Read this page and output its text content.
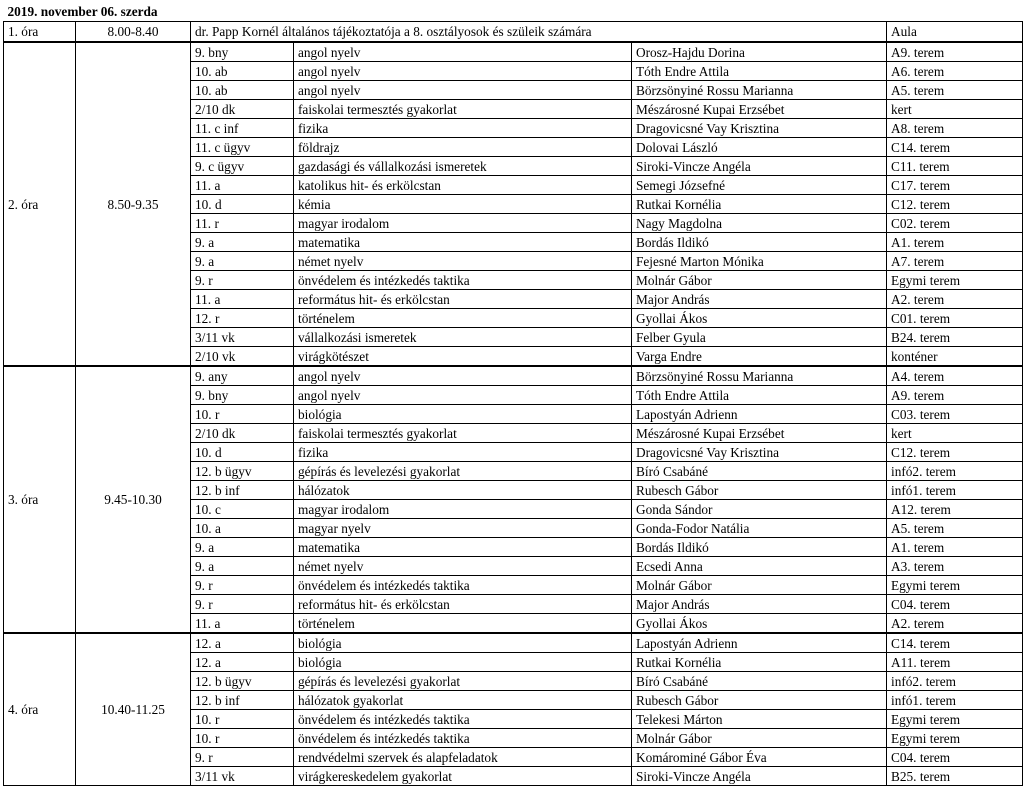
2019. november 06. szerda					
1. óra	8.00-8.40	dr. Papp Kornél általános tájékoztatója a 8. osztályosok és szüleik számára			Aula
2. óra	8.50-9.35	9. bny	angol nyelv	Orosz-Hajdu Dorina	A9. terem
		10. ab	angol nyelv	Tóth Endre Attila	A6. terem
		10. ab	angol nyelv	Börzsönyiné Rossu Marianna	A5. terem
		2/10 dk	faiskolai termesztés gyakorlat	Mészárosné Kupai Erzsébet	kert
		11. c inf	fizika	Dragovicsné Vay Krisztina	A8. terem
		11. c ügyv	földrajz	Dolovai László	C14. terem
		9. c ügyv	gazdasági és vállalkozási ismeretek	Siroki-Vincze Angéla	C11. terem
		11. a	katolikus hit- és erkölcstan	Semegi Józsefné	C17. terem
		10. d	kémia	Rutkai Kornélia	C12. terem
		11. r	magyar irodalom	Nagy Magdolna	C02. terem
		9. a	matematika	Bordás Ildikó	A1. terem
		9. a	német nyelv	Fejesné Marton Mónika	A7. terem
		9. r	önvédelem és intézkedés taktika	Molnár Gábor	Egymi terem
		11. a	református hit- és erkölcstan	Major András	A2. terem
		12. r	történelem	Gyollai Ákos	C01. terem
		3/11 vk	vállalkozási ismeretek	Felber Gyula	B24. terem
		2/10 vk	virágkötészet	Varga Endre	konténer
3. óra	9.45-10.30	9. any	angol nyelv	Börzsönyiné Rossu Marianna	A4. terem
		9. bny	angol nyelv	Tóth Endre Attila	A9. terem
		10. r	biológia	Lapostyán Adrienn	C03. terem
		2/10 dk	faiskolai termesztés gyakorlat	Mészárosné Kupai Erzsébet	kert
		10. d	fizika	Dragovicsné Vay Krisztina	C12. terem
		12. b ügyv	gépírás és levelezési gyakorlat	Bíró Csabáné	infó2. terem
		12. b inf	hálózatok	Rubesch Gábor	infó1. terem
		10. c	magyar irodalom	Gonda Sándor	A12. terem
		10. a	magyar nyelv	Gonda-Fodor Natália	A5. terem
		9. a	matematika	Bordás Ildikó	A1. terem
		9. a	német nyelv	Ecsedi Anna	A3. terem
		9. r	önvédelem és intézkedés taktika	Molnár Gábor	Egymi terem
		9. r	református hit- és erkölcstan	Major András	C04. terem
		11. a	történelem	Gyollai Ákos	A2. terem
4. óra	10.40-11.25	12. a	biológia	Lapostyán Adrienn	C14. terem
		12. a	biológia	Rutkai Kornélia	A11. terem
		12. b ügyv	gépírás és levelezési gyakorlat	Bíró Csabáné	infó2. terem
		12. b inf	hálózatok gyakorlat	Rubesch Gábor	infó1. terem
		10. r	önvédelem és intézkedés taktika	Telekesi Márton	Egymi terem
		10. r	önvédelem és intézkedés taktika	Molnár Gábor	Egymi terem
		9. r	rendvédelmi szervek és alapfeladatok	Komárominé Gábor Éva	C04. terem
		3/11 vk	virágkereskedelem gyakorlat	Siroki-Vincze Angéla	B25. terem
